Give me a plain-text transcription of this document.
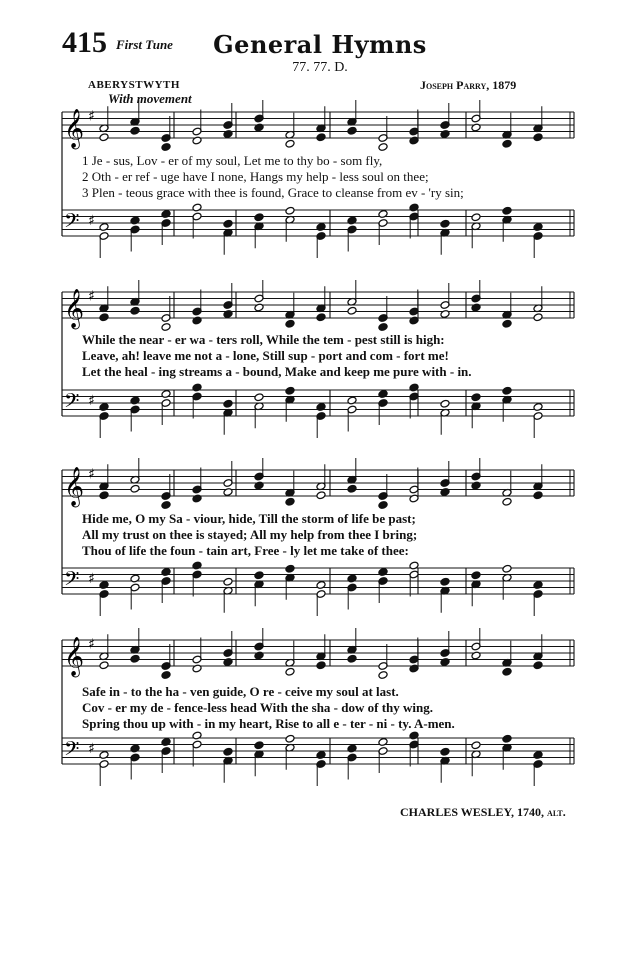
415 First Tune	General Hymns
77. 77. D.
ABERYSTWYTH	Joseph Parry, 1879
With movement
𝄞 ♯
𝄢 ♯
1 Je - sus, Lov - er of my soul, Let me to thy bo - som fly,
2 Oth - er ref - uge have I none, Hangs my help - less soul on thee;
3 Plen - teous grace with thee is found, Grace to cleanse from ev - 'ry sin;
𝄞 ♯
𝄢 ♯
While the near - er wa - ters roll, While the tem - pest still is high:
Leave, ah! leave me not a - lone, Still sup - port and com - fort me!
Let the heal - ing streams a - bound, Make and keep me pure with - in.
𝄞 ♯
𝄢 ♯
Hide me, O my Sa - viour, hide, Till the storm of life be past;
All my trust on thee is stayed; All my help from thee I bring;
Thou of life the foun - tain art, Free - ly let me take of thee:
𝄞 ♯
𝄢 ♯
Safe in - to the ha - ven guide, O re - ceive my soul at last.
Cov - er my de - fence-less head With the sha - dow of thy wing.
Spring thou up with - in my heart, Rise to all e - ter - ni - ty. A-men.
CHARLES WESLEY, 1740, alt.
